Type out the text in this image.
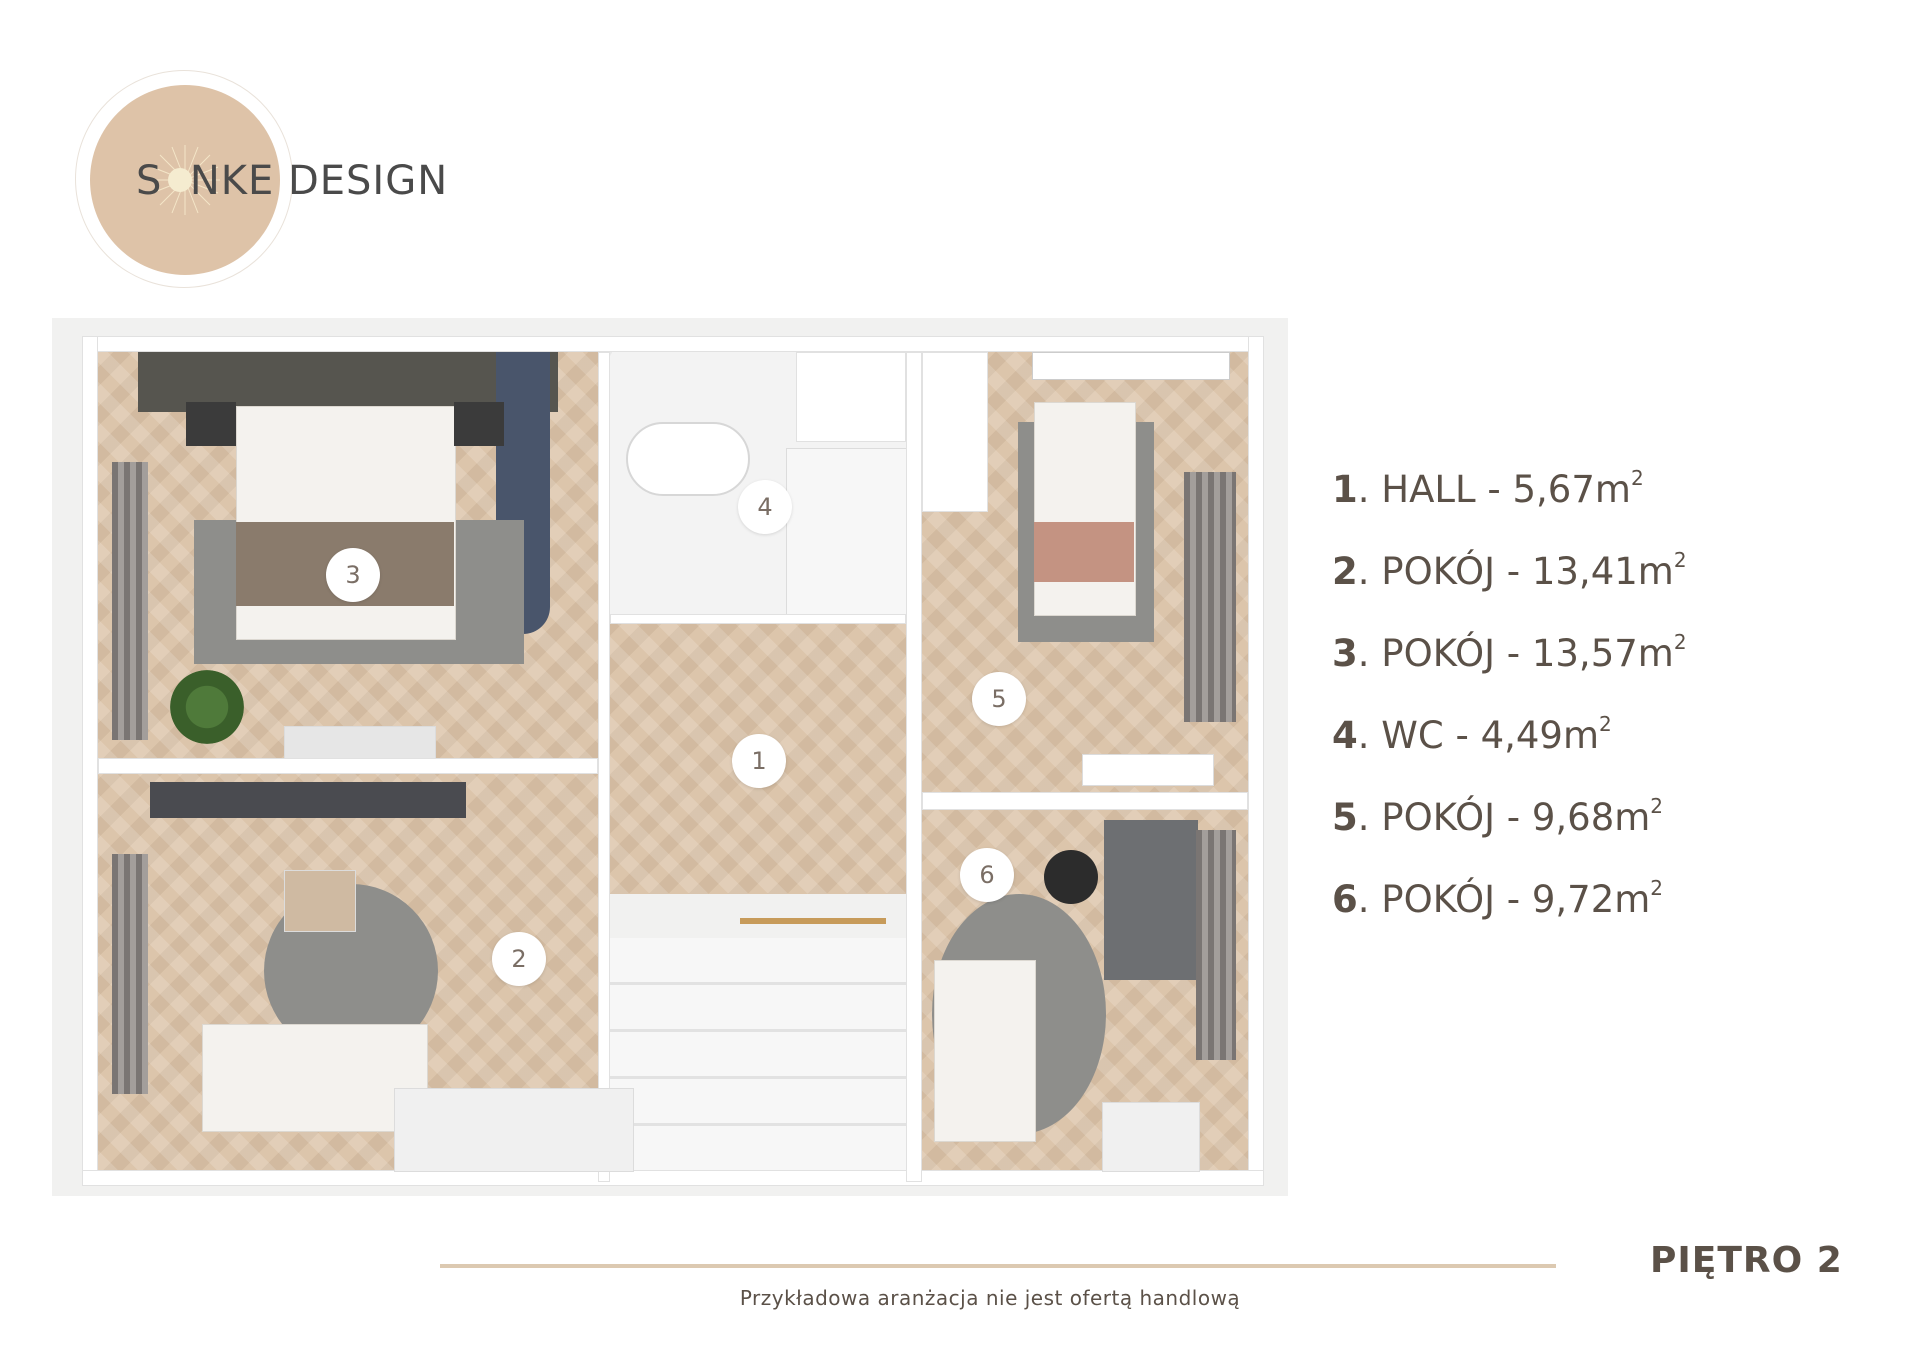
S  NKE DESIGN
3
4
1
5
2
6
1. HALL - $5,67m^2$
2. POKÓJ - $13,41m^2$
3. POKÓJ - $13,57m^2$
4. WC - $4,49m^2$
5. POKÓJ - $9,68m^2$
6. POKÓJ - $9,72m^2$
PIĘTRO 2
Przykładowa aranżacja nie jest ofertą handlową
